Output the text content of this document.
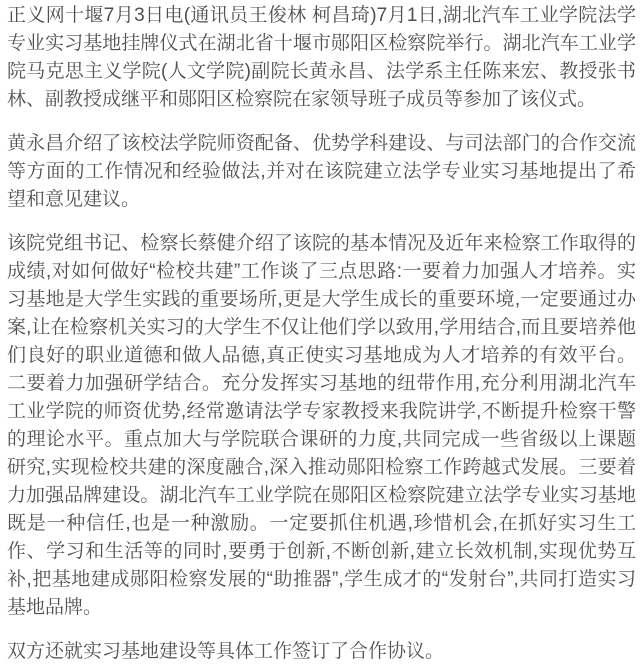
正义网十堰7月3日电(通讯员王俊林 柯昌琦)7月1日,湖北汽车工业学院法学专业实习基地挂牌仪式在湖北省十堰市郧阳区检察院举行。湖北汽车工业学院马克思主义学院(人文学院)副院长黄永昌、法学系主任陈来宏、教授张书林、副教授成继平和郧阳区检察院在家领导班子成员等参加了该仪式。

黄永昌介绍了该校法学院师资配备、优势学科建设、与司法部门的合作交流等方面的工作情况和经验做法,并对在该院建立法学专业实习基地提出了希望和意见建议。

该院党组书记、检察长蔡健介绍了该院的基本情况及近年来检察工作取得的成绩,对如何做好“检校共建”工作谈了三点思路:一要着力加强人才培养。实习基地是大学生实践的重要场所,更是大学生成长的重要环境,一定要通过办案,让在检察机关实习的大学生不仅让他们学以致用,学用结合,而且要培养他们良好的职业道德和做人品德,真正使实习基地成为人才培养的有效平台。二要着力加强研学结合。充分发挥实习基地的纽带作用,充分利用湖北汽车工业学院的师资优势,经常邀请法学专家教授来我院讲学,不断提升检察干警的理论水平。重点加大与学院联合课研的力度,共同完成一些省级以上课题研究,实现检校共建的深度融合,深入推动郧阳检察工作跨越式发展。三要着力加强品牌建设。湖北汽车工业学院在郧阳区检察院建立法学专业实习基地既是一种信任,也是一种激励。一定要抓住机遇,珍惜机会,在抓好实习生工作、学习和生活等的同时,要勇于创新,不断创新,建立长效机制,实现优势互补,把基地建成郧阳检察发展的“助推器”,学生成才的“发射台”,共同打造实习基地品牌。

双方还就实习基地建设等具体工作签订了合作协议。
